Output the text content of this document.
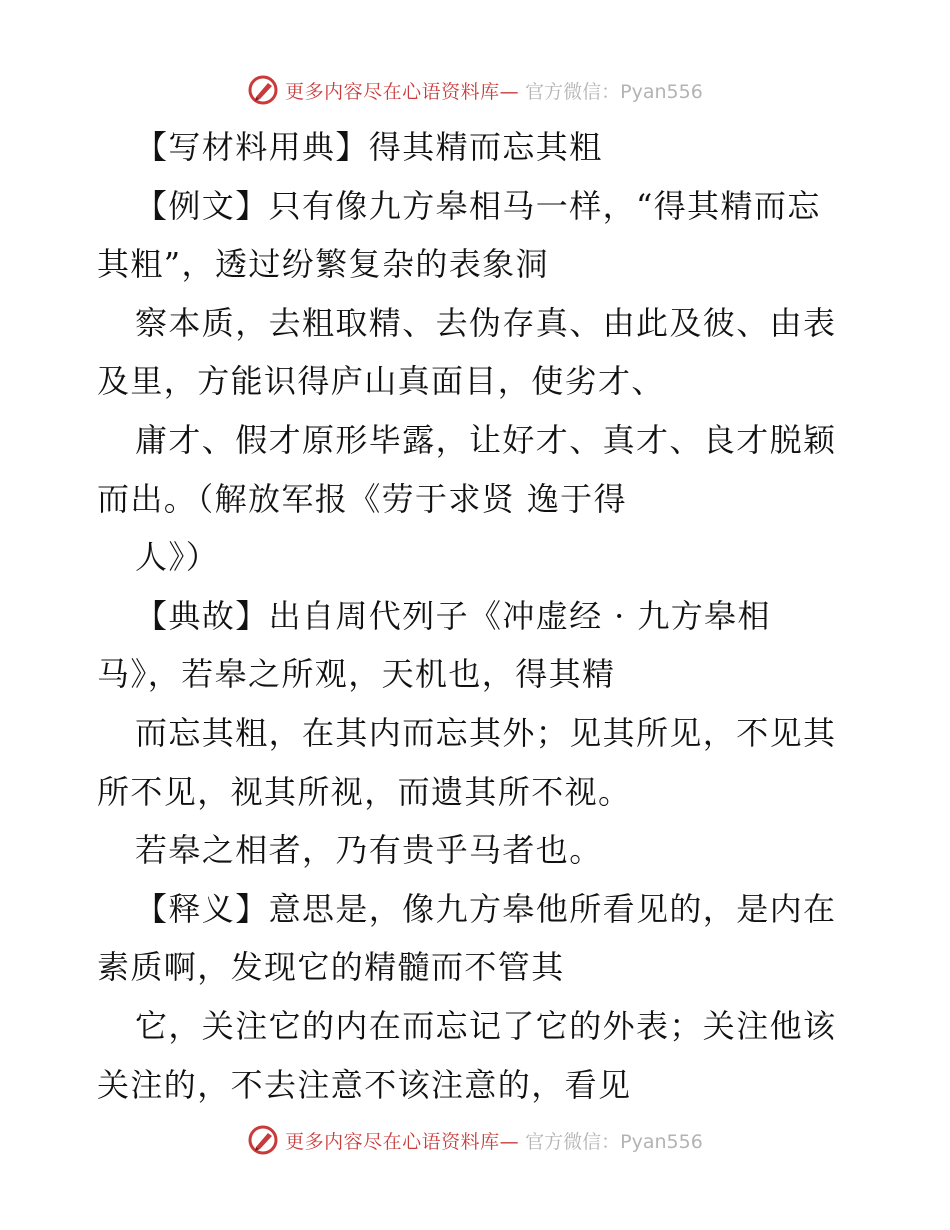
更多内容尽在心语资料库— 官方微信：Pyan556
【写材料用典】得其精而忘其粗
【例文】只有像九方皋相马一样，“得其精而忘
其粗”，透过纷繁复杂的表象洞
察本质，去粗取精、去伪存真、由此及彼、由表
及里，方能识得庐山真面目，使劣才、
庸才、假才原形毕露，让好才、真才、良才脱颖
而出。（解放军报《劳于求贤 逸于得
人》）
【典故】出自周代列子《冲虚经 · 九方皋相
马》，若皋之所观，天机也，得其精
而忘其粗，在其内而忘其外；见其所见，不见其
所不见，视其所视，而遗其所不视。
若皋之相者，乃有贵乎马者也。
【释义】意思是，像九方皋他所看见的，是内在
素质啊，发现它的精髓而不管其
它，关注它的内在而忘记了它的外表；关注他该
关注的，不去注意不该注意的，看见
更多内容尽在心语资料库— 官方微信：Pyan556
